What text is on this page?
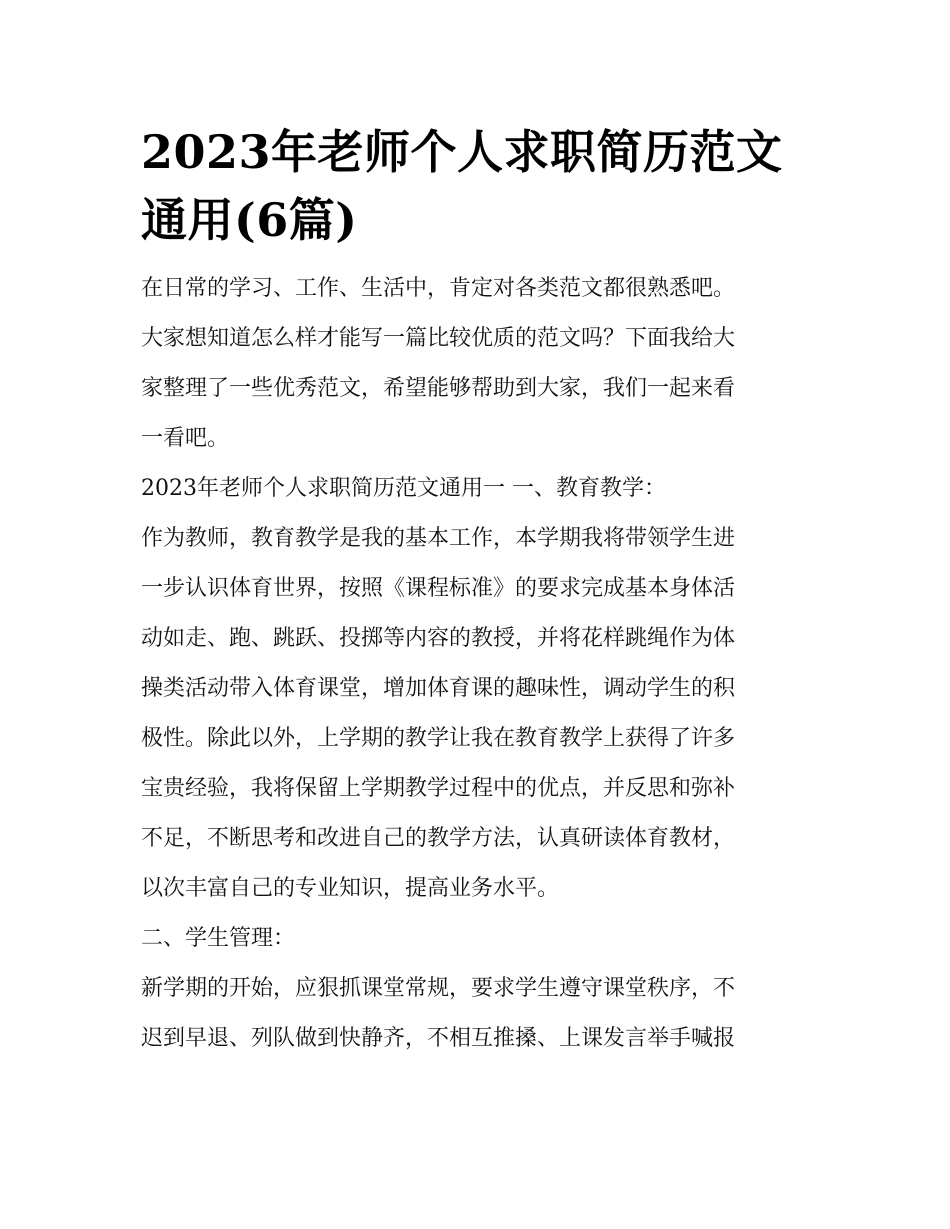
2023年老师个人求职简历范文
通用(6篇)

在日常的学习、工作、生活中，肯定对各类范文都很熟悉吧。
大家想知道怎么样才能写一篇比较优质的范文吗？下面我给大
家整理了一些优秀范文，希望能够帮助到大家，我们一起来看
一看吧。

2023年老师个人求职简历范文通用一 一、教育教学：

作为教师，教育教学是我的基本工作，本学期我将带领学生进
一步认识体育世界，按照《课程标准》的要求完成基本身体活
动如走、跑、跳跃、投掷等内容的教授，并将花样跳绳作为体
操类活动带入体育课堂，增加体育课的趣味性，调动学生的积
极性。除此以外，上学期的教学让我在教育教学上获得了许多
宝贵经验，我将保留上学期教学过程中的优点，并反思和弥补
不足，不断思考和改进自己的教学方法，认真研读体育教材，
以次丰富自己的专业知识，提高业务水平。

二、学生管理：

新学期的开始，应狠抓课堂常规，要求学生遵守课堂秩序，不
迟到早退、列队做到快静齐，不相互推搡、上课发言举手喊报
